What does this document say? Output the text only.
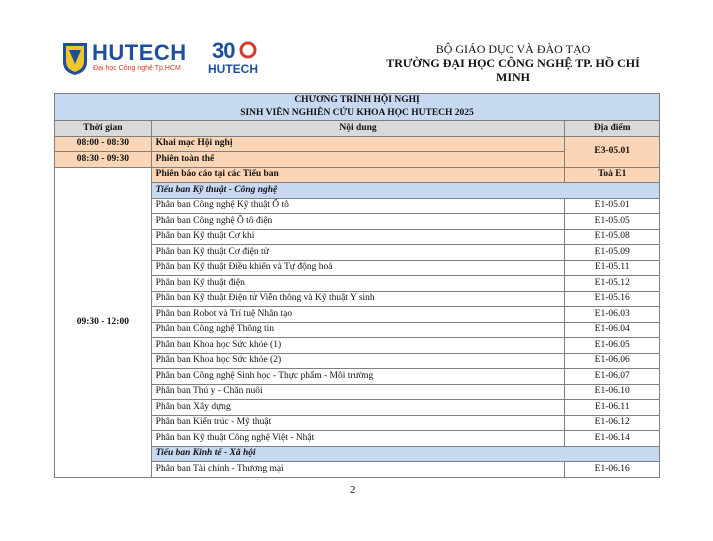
HUTECH
Đại học Công nghệ Tp.HCM
30
HUTECH
BỘ GIÁO DỤC VÀ ĐÀO TẠO
TRƯỜNG ĐẠI HỌC CÔNG NGHỆ TP. HỒ CHÍ MINH
CHƯƠNG TRÌNH HỘI NGHỊ
SINH VIÊN NGHIÊN CỨU KHOA HỌC HUTECH 2025		

Thời gian	Nội dung	Địa điểm
08:00 - 08:30	Khai mạc Hội nghị	E3-05.01
08:30 - 09:30	Phiên toàn thể	
09:30 - 12:00	Phiên báo cáo tại các Tiểu ban	Toà E1
	Tiểu ban Kỹ thuật - Công nghệ	
	Phân ban Công nghệ Kỹ thuật Ô tô	E1-05.01
	Phân ban Công nghệ Ô tô điện	E1-05.05
	Phân ban Kỹ thuật Cơ khí	E1-05.08
	Phân ban Kỹ thuật Cơ điện tử	E1-05.09
	Phân ban Kỹ thuật Điều khiển và Tự động hoá	E1-05.11
	Phân ban Kỹ thuật điện	E1-05.12
	Phân ban Kỹ thuật Điện tử Viễn thông và Kỹ thuật Y sinh	E1-05.16
	Phân ban Robot và Trí tuệ Nhân tạo	E1-06.03
	Phân ban Công nghệ Thông tin	E1-06.04
	Phân ban Khoa học Sức khỏe (1)	E1-06.05
	Phân ban Khoa học Sức khỏe (2)	E1-06.06
	Phân ban Công nghệ Sinh học - Thực phẩm - Môi trường	E1-06.07
	Phân ban Thú y - Chăn nuôi	E1-06.10
	Phân ban Xây dựng	E1-06.11
	Phân ban Kiến trúc - Mỹ thuật	E1-06.12
	Phân ban Kỹ thuật Công nghệ Việt - Nhật	E1-06.14
	Tiểu ban Kinh tế - Xã hội	
	Phân ban Tài chính - Thương mại	E1-06.16
2
